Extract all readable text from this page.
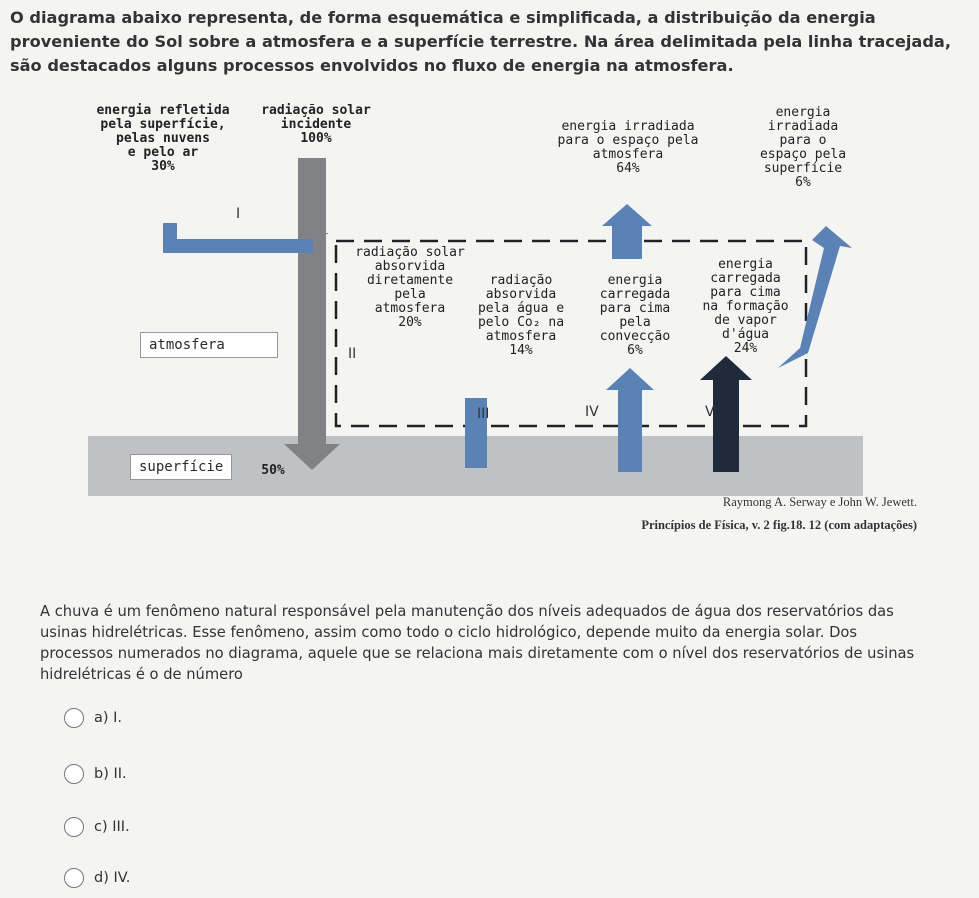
O diagrama abaixo representa, de forma esquemática e simplificada, a distribuição da energia proveniente do Sol sobre a atmosfera e a superfície terrestre. Na área delimitada pela linha tracejada, são destacados alguns processos envolvidos no fluxo de energia na atmosfera.
energia refletida
pela superfície,
pelas nuvens
e pelo ar
30%
radiação solar
incidente
100%
energia irradiada
para o espaço pela
atmosfera
64%
energia
irradiada
para o
espaço pela
superfície
6%
radiação solar
absorvida
diretamente
pela
atmosfera
20%
radiação
absorvida
pela água e
pelo Co₂ na
atmosfera
14%
energia
carregada
para cima
pela
convecção
6%
energia
carregada
para cima
na formação
de vapor
d'água
24%
atmosfera
superfície	50%
I
II
III	IV	V
Raymong A. Serway e John W. Jewett.
Princípios de Física, v. 2 fig.18. 12 (com adaptações)
A chuva é um fenômeno natural responsável pela manutenção dos níveis adequados de água dos reservatórios das usinas hidrelétricas. Esse fenômeno, assim como todo o ciclo hidrológico, depende muito da energia solar. Dos processos numerados no diagrama, aquele que se relaciona mais diretamente com o nível dos reservatórios de usinas hidrelétricas é o de número
a) I.
b) II.
c) III.
d) IV.
